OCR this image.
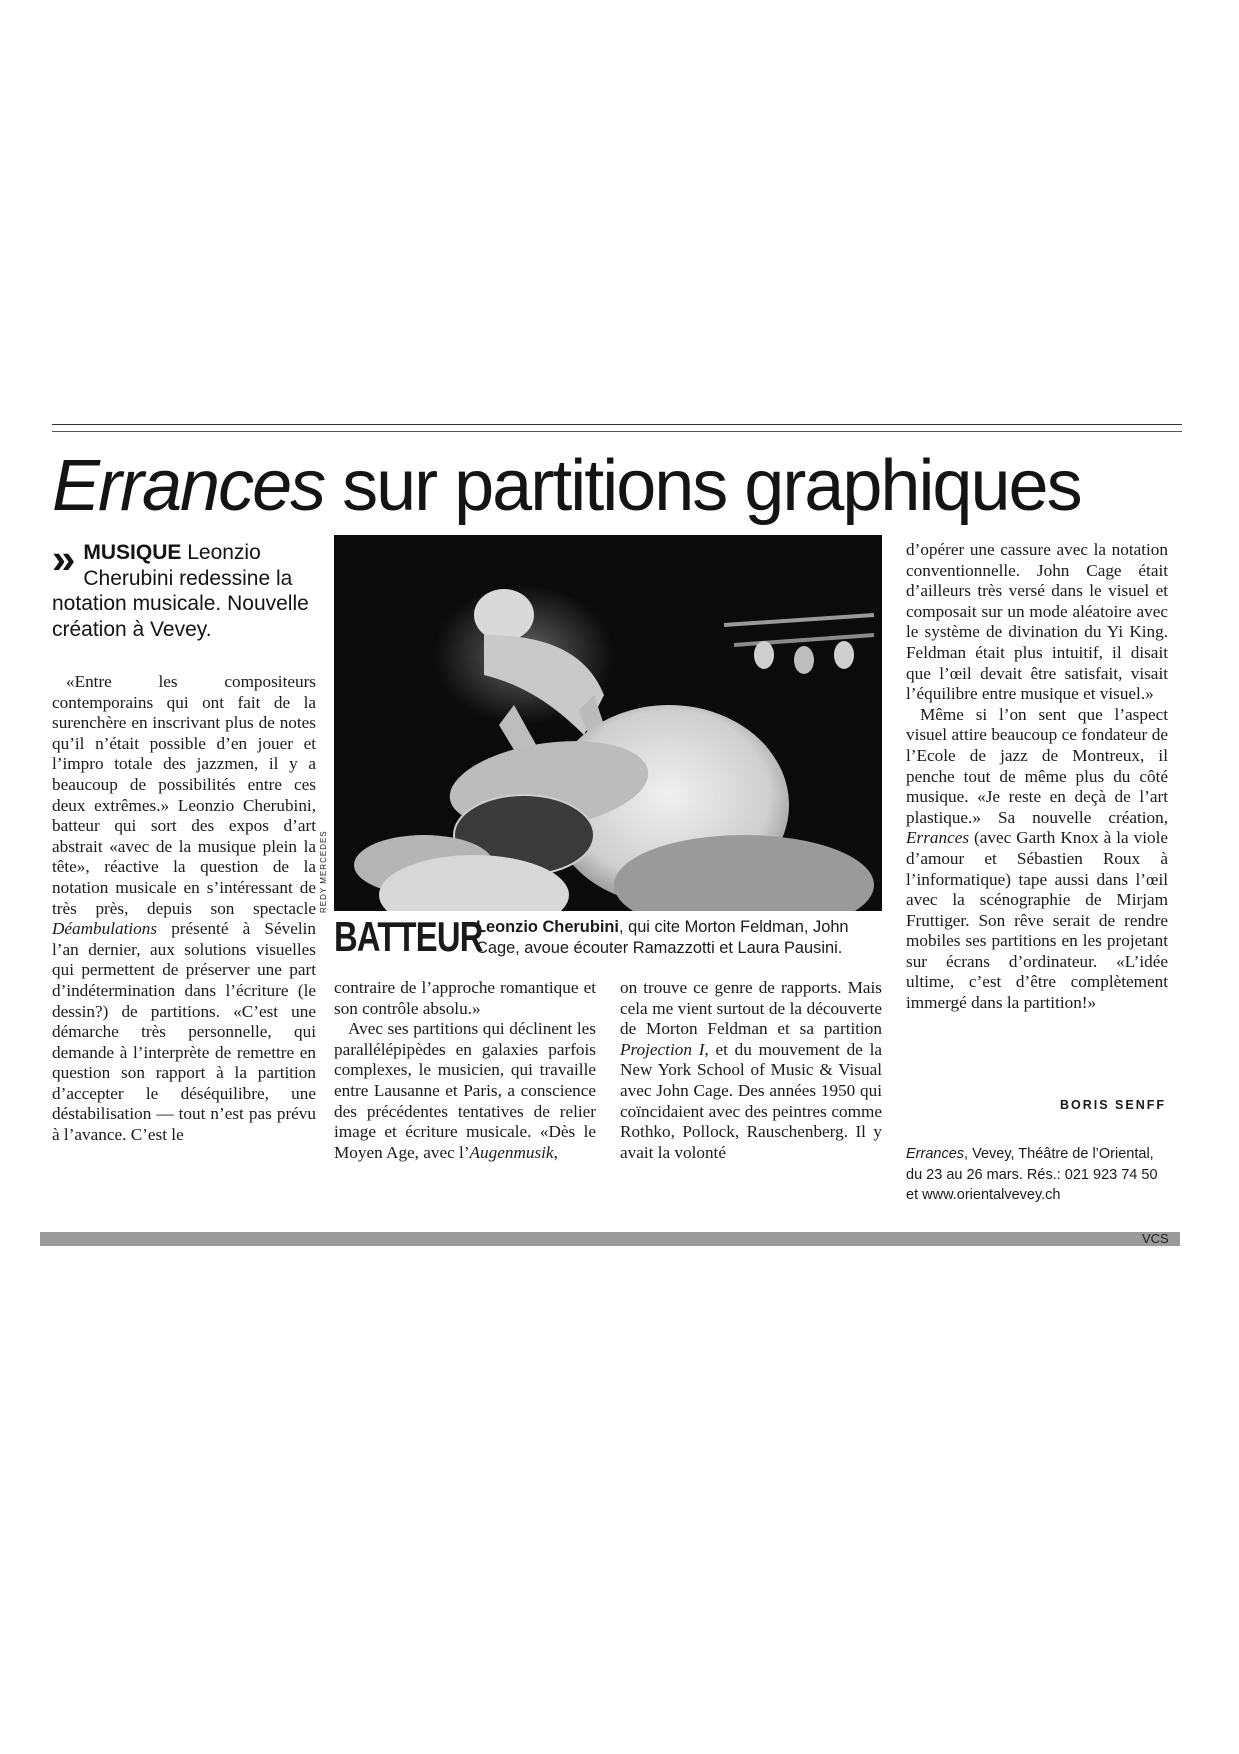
Errances sur partitions graphiques
» MUSIQUE Leonzio Cherubini redessine la notation musicale. Nouvelle création à Vevey.

«Entre les compositeurs contemporains qui ont fait de la surenchère en inscrivant plus de notes qu’il n’était possible d’en jouer et l’impro totale des jazzmen, il y a beaucoup de possibilités entre ces deux extrêmes.» Leonzio Cherubini, batteur qui sort des expos d’art abstrait «avec de la musique plein la tête», réactive la question de la notation musicale en s’intéressant de très près, depuis son spectacle Déambulations présenté à Sévelin l’an dernier, aux solutions visuelles qui permettent de préserver une part d’indétermination dans l’écriture (le dessin?) de partitions. «C’est une démarche très personnelle, qui demande à l’interprète de remettre en question son rapport à la partition d’accepter le déséquilibre, une déstabilisation — tout n’est pas prévu à l’avance. C’est le

REDY MERCEDES
BATTEUR
Leonzio Cherubini, qui cite Morton Feldman, John Cage, avoue écouter Ramazzotti et Laura Pausini.

contraire de l’approche romantique et son contrôle absolu.»

Avec ses partitions qui déclinent les parallélépipèdes en galaxies parfois complexes, le musicien, qui travaille entre Lausanne et Paris, a conscience des précédentes tentatives de relier image et écriture musicale. «Dès le Moyen Age, avec l’Augenmusik,

on trouve ce genre de rapports. Mais cela me vient surtout de la découverte de Morton Feldman et sa partition Projection I, et du mouvement de la New York School of Music & Visual avec John Cage. Des années 1950 qui coïncidaient avec des peintres comme Rothko, Pollock, Rauschenberg. Il y avait la volonté

d’opérer une cassure avec la notation conventionnelle. John Cage était d’ailleurs très versé dans le visuel et composait sur un mode aléatoire avec le système de divination du Yi King. Feldman était plus intuitif, il disait que l’œil devait être satisfait, visait l’équilibre entre musique et visuel.»

Même si l’on sent que l’aspect visuel attire beaucoup ce fondateur de l’Ecole de jazz de Montreux, il penche tout de même plus du côté musique. «Je reste en deçà de l’art plastique.» Sa nouvelle création, Errances (avec Garth Knox à la viole d’amour et Sébastien Roux à l’informatique) tape aussi dans l’œil avec la scénographie de Mirjam Fruttiger. Son rêve serait de rendre mobiles ses partitions en les projetant sur écrans d’ordinateur. «L’idée ultime, c’est d’être complètement immergé dans la partition!»

BORIS SENFF
Errances, Vevey, Théâtre de l’Oriental, du 23 au 26 mars. Rés.: 021 923 74 50 et www.orientalvevey.ch
VCS
